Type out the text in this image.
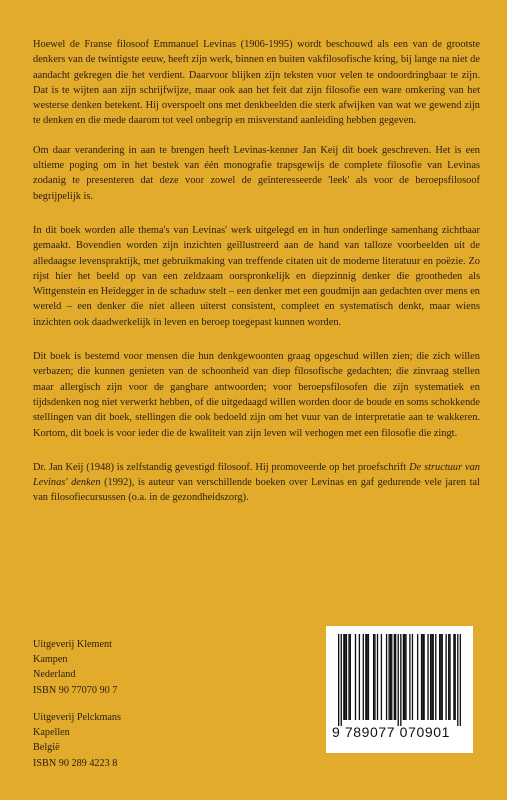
Hoewel de Franse filosoof Emmanuel Levinas (1906-1995) wordt beschouwd als een van de grootste denkers van de twintigste eeuw, heeft zijn werk, binnen en buiten vakfilosofische kring, bij lange na niet de aandacht gekregen die het verdient. Daarvoor blijken zijn teksten voor velen te ondoordringbaar te zijn. Dat is te wijten aan zijn schrijfwijze, maar ook aan het feit dat zijn filosofie een ware omkering van het westerse denken betekent. Hij overspoelt ons met denkbeelden die sterk afwijken van wat we gewend zijn te denken en die mede daarom tot veel onbegrip en misverstand aanleiding hebben gegeven.

Om daar verandering in aan te brengen heeft Levinas-kenner Jan Keij dit boek geschreven. Het is een ultieme poging om in het bestek van één monografie trapsgewijs de complete filosofie van Levinas zodanig te presenteren dat deze voor zowel de geïnteresseerde 'leek' als voor de beroepsfilosoof begrijpelijk is.

In dit boek worden alle thema's van Levinas' werk uitgelegd en in hun onderlinge samenhang zichtbaar gemaakt. Bovendien worden zijn inzichten geïllustreerd aan de hand van talloze voorbeelden uit de alledaagse levenspraktijk, met gebruikmaking van treffende citaten uit de moderne literatuur en poëzie. Zo rijst hier het beeld op van een zeldzaam oorspronkelijk en diepzinnig denker die grootheden als Wittgenstein en Heidegger in de schaduw stelt – een denker met een goudmijn aan gedachten over mens en wereld – een denker die niet alleen uiterst consistent, compleet en systematisch denkt, maar wiens inzichten ook daadwerkelijk in leven en beroep toegepast kunnen worden.

Dit boek is bestemd voor mensen die hun denkgewoonten graag opgeschud willen zien; die zich willen verbazen; die kunnen genieten van de schoonheid van diep filosofische gedachten; die zinvraag stellen maar allergisch zijn voor de gangbare antwoorden; voor beroepsfilosofen die zijn systematiek en tijdsdenken nog niet verwerkt hebben, of die uitgedaagd willen worden door de boude en soms schokkende stellingen van dit boek, stellingen die ook bedoeld zijn om het vuur van de interpretatie aan te wakkeren. Kortom, dit boek is voor ieder die de kwaliteit van zijn leven wil verhogen met een filosofie die zingt.

Dr. Jan Keij (1948) is zelfstandig gevestigd filosoof. Hij promoveerde op het proefschrift De structuur van Levinas' denken (1992), is auteur van verschillende boeken over Levinas en gaf gedurende vele jaren tal van filosofiecursussen (o.a. in de gezondheidszorg).

Uitgeverij Klement
Kampen
Nederland
ISBN 90 77070 90 7
Uitgeverij Pelckmans
Kapellen
België
ISBN 90 289 4223 8
9 789077 070901
